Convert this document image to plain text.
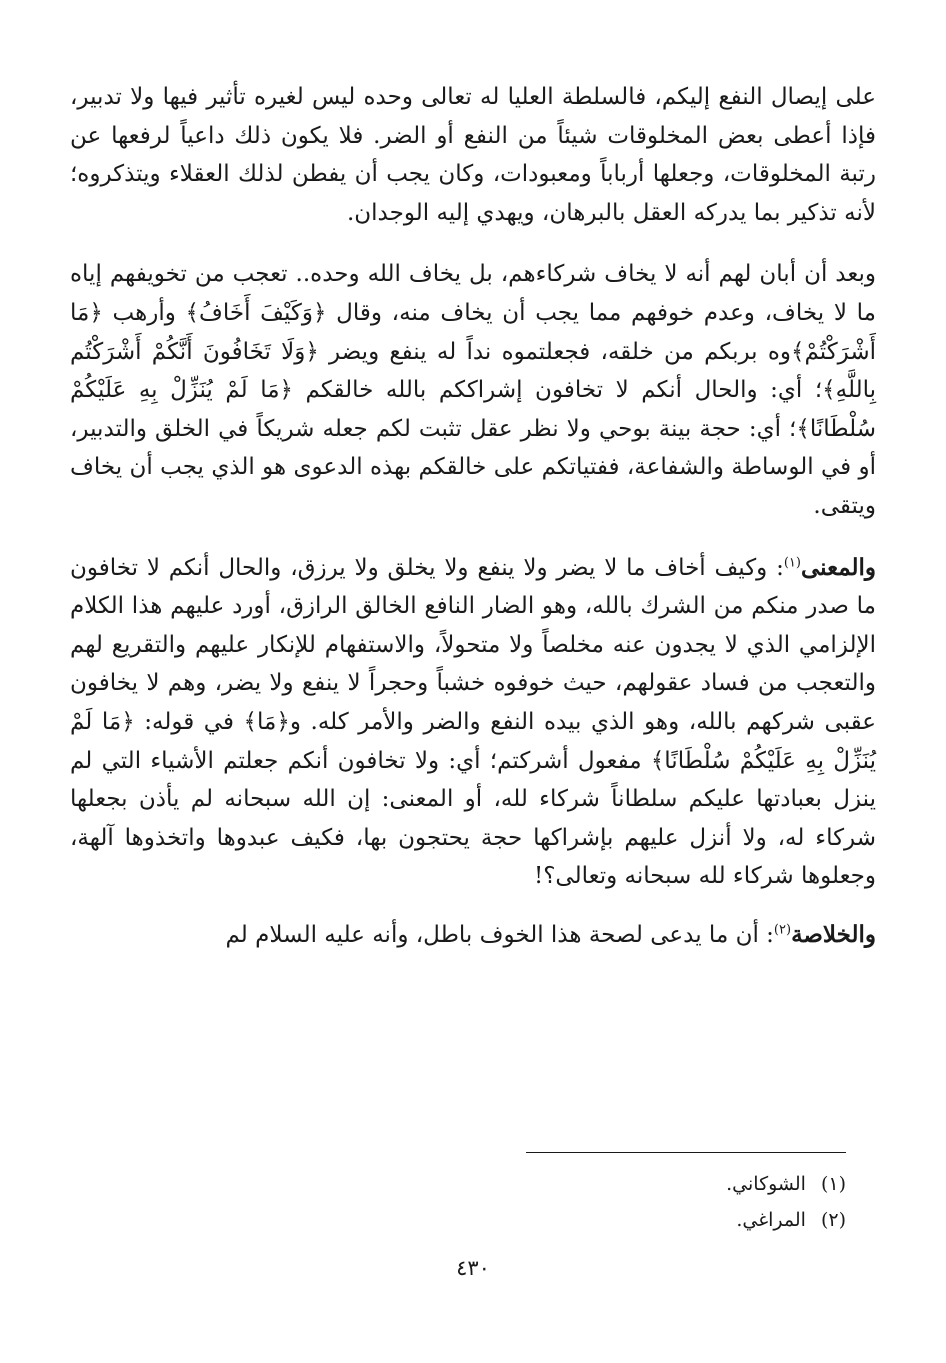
على إيصال النفع إليكم، فالسلطة العليا له تعالى وحده ليس لغيره تأثير فيها ولا تدبير، فإذا أعطى بعض المخلوقات شيئاً من النفع أو الضر. فلا يكون ذلك داعياً لرفعها عن رتبة المخلوقات، وجعلها أرباباً ومعبودات، وكان يجب أن يفطن لذلك العقلاء ويتذكروه؛ لأنه تذكير بما يدركه العقل بالبرهان، ويهدي إليه الوجدان.

وبعد أن أبان لهم أنه لا يخاف شركاءهم، بل يخاف الله وحده.. تعجب من تخويفهم إياه ما لا يخاف، وعدم خوفهم مما يجب أن يخاف منه، وقال ﴿وَكَيْفَ أَخَافُ﴾ وأرهب ﴿مَا أَشْرَكْتُمْ﴾وه بربكم من خلقه، فجعلتموه نداً له ينفع ويضر ﴿وَلَا تَخَافُونَ أَنَّكُمْ أَشْرَكْتُم بِاللَّهِ﴾؛ أي: والحال أنكم لا تخافون إشراككم بالله خالقكم ﴿مَا لَمْ يُنَزِّلْ بِهِ عَلَيْكُمْ سُلْطَانًا﴾؛ أي: حجة بينة بوحي ولا نظر عقل تثبت لكم جعله شريكاً في الخلق والتدبير، أو في الوساطة والشفاعة، ففتياتكم على خالقكم بهذه الدعوى هو الذي يجب أن يخاف ويتقى.

والمعنى$^{(١)}$: وكيف أخاف ما لا يضر ولا ينفع ولا يخلق ولا يرزق، والحال أنكم لا تخافون ما صدر منكم من الشرك بالله، وهو الضار النافع الخالق الرازق، أورد عليهم هذا الكلام الإلزامي الذي لا يجدون عنه مخلصاً ولا متحولاً، والاستفهام للإنكار عليهم والتقريع لهم والتعجب من فساد عقولهم، حيث خوفوه خشباً وحجراً لا ينفع ولا يضر، وهم لا يخافون عقبى شركهم بالله، وهو الذي بيده النفع والضر والأمر كله. و﴿مَا﴾ في قوله: ﴿مَا لَمْ يُنَزِّلْ بِهِ عَلَيْكُمْ سُلْطَانًا﴾ مفعول أشركتم؛ أي: ولا تخافون أنكم جعلتم الأشياء التي لم ينزل بعبادتها عليكم سلطاناً شركاء لله، أو المعنى: إن الله سبحانه لم يأذن بجعلها شركاء له، ولا أنزل عليهم بإشراكها حجة يحتجون بها، فكيف عبدوها واتخذوها آلهة، وجعلوها شركاء لله سبحانه وتعالى؟!

والخلاصة$^{(٢)}$: أن ما يدعى لصحة هذا الخوف باطل، وأنه عليه السلام لم

(١) الشوكاني.
(٢) المراغي.
٤٣٠
